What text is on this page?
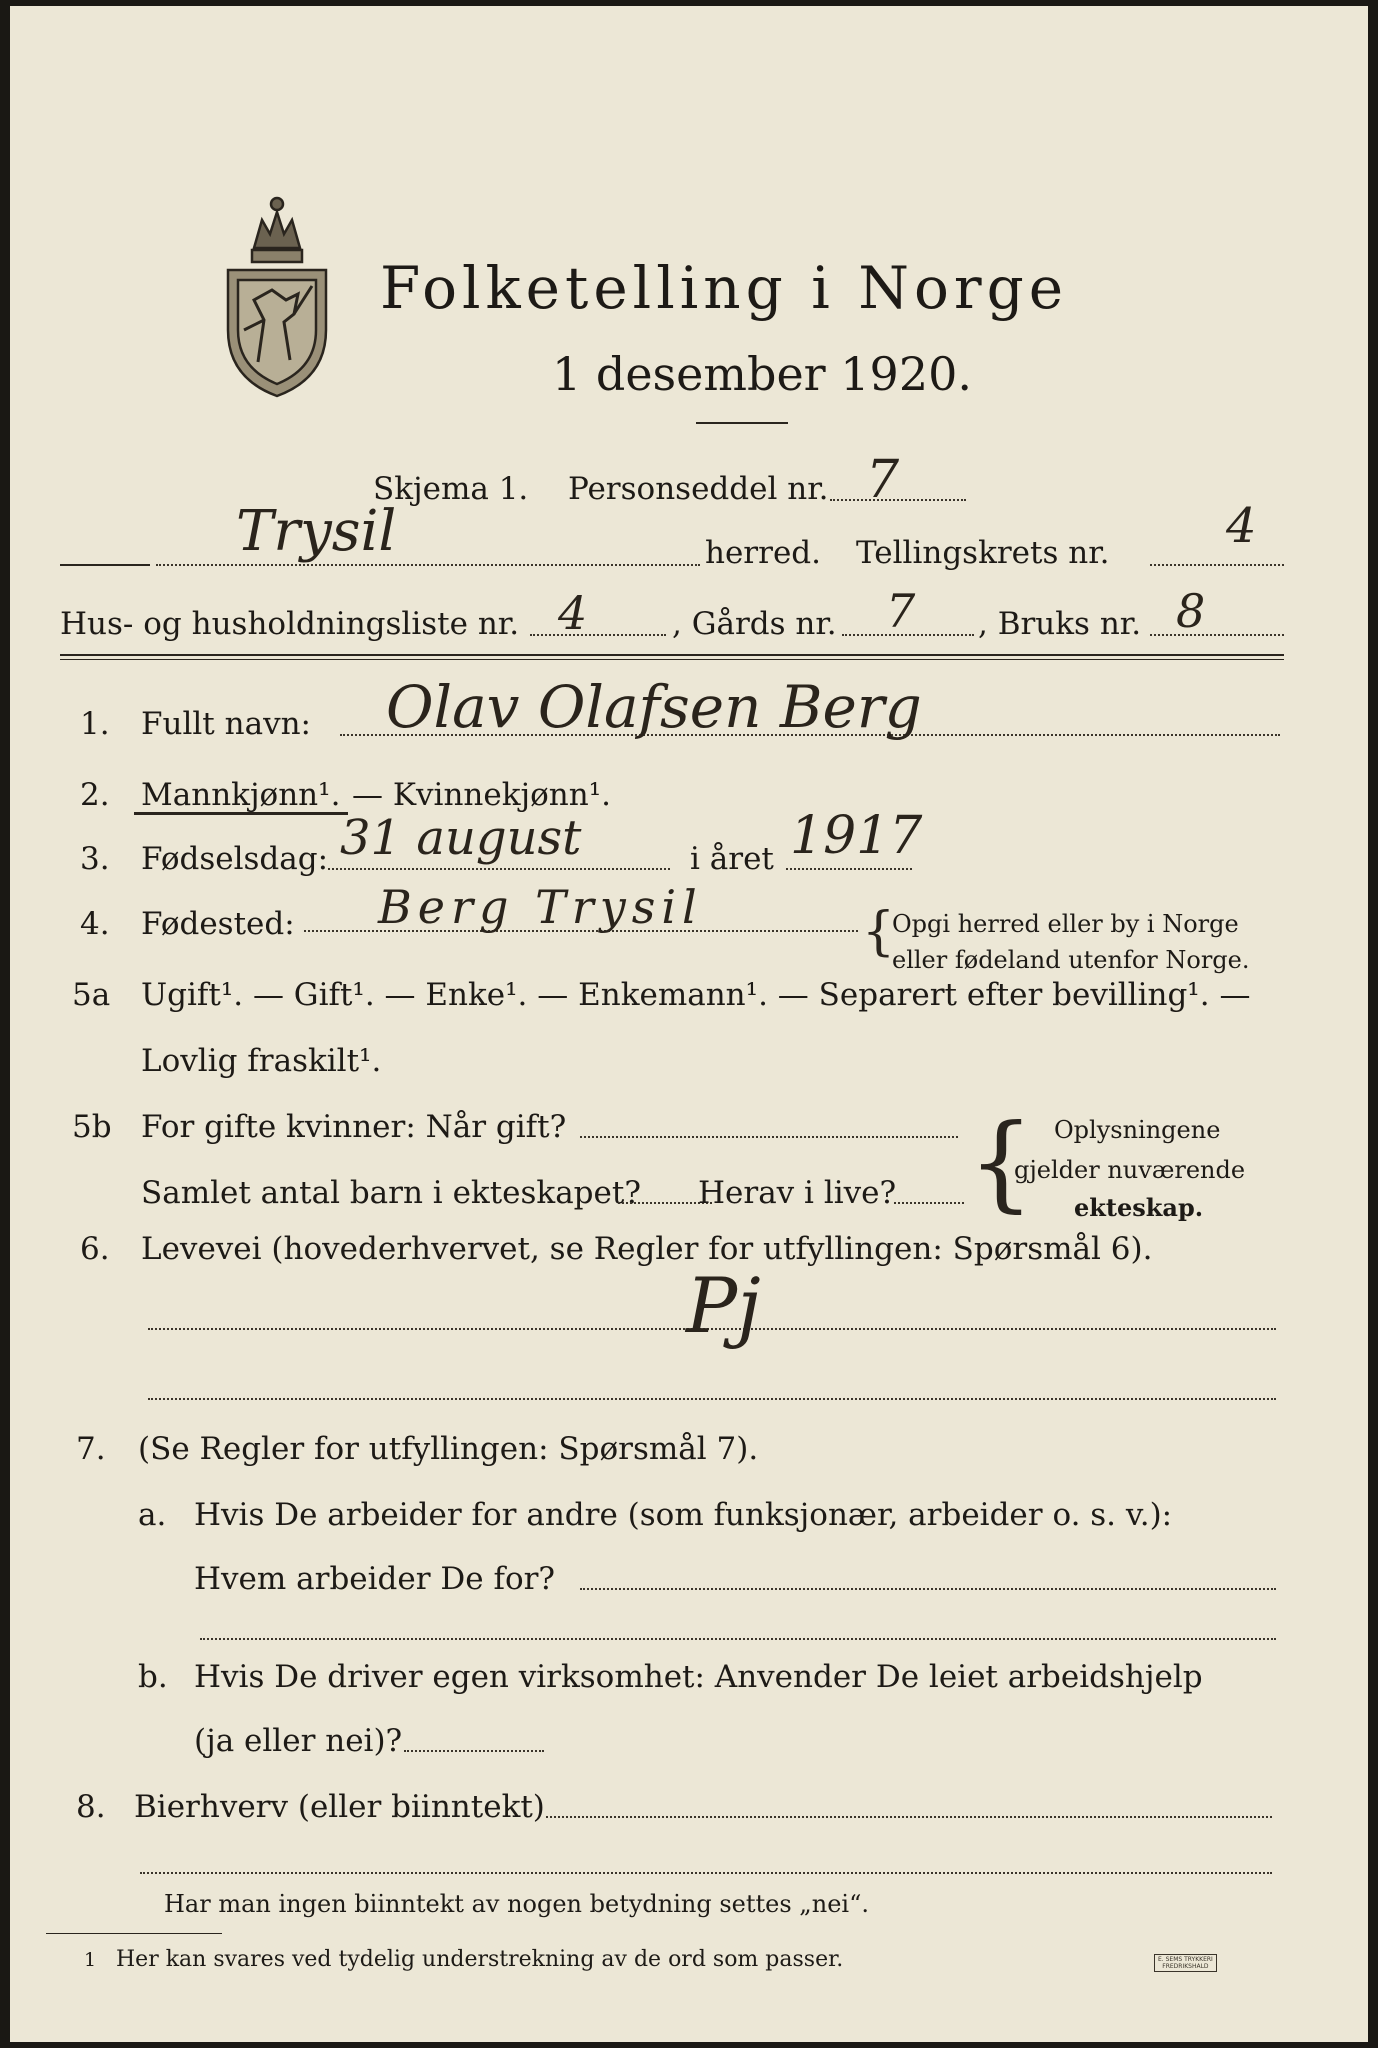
Folketelling i Norge
1 desember 1920.
Skjema 1. Personseddel nr. 7
Trysil	herred. Tellingskrets nr. 4
Hus- og husholdningsliste nr. 4	, Gårds nr. 7 , Bruks nr. 8
1. Fullt navn: Olav Olafsen Berg
2. Mannkjønn¹. — Kvinnekjønn¹.
3. Fødselsdag: 31 august	i året 1917
4. Fødested: Berg Trysil	{
Opgi herred eller by i Norge
eller fødeland utenfor Norge.
5a Ugift¹. — Gift¹. — Enke¹. — Enkemann¹. — Separert efter bevilling¹. —
Lovlig fraskilt¹.
5b For gifte kvinner: Når gift?
Samlet antal barn i ekteskapet? Herav i live? { Oplysningene
gjelder nuværende
ekteskap.
6. Levevei (hovederhvervet, se Regler for utfyllingen: Spørsmål 6).
Pj
7. (Se Regler for utfyllingen: Spørsmål 7).
a. Hvis De arbeider for andre (som funksjonær, arbeider o. s. v.):
Hvem arbeider De for?
b. Hvis De driver egen virksomhet: Anvender De leiet arbeidshjelp
(ja eller nei)?
8. Bierhverv (eller biinntekt)
Har man ingen biinntekt av nogen betydning settes „nei“.
1 Her kan svares ved tydelig understrekning av de ord som passer.	E. SEMS TRYKKERI
FREDRIKSHALD
